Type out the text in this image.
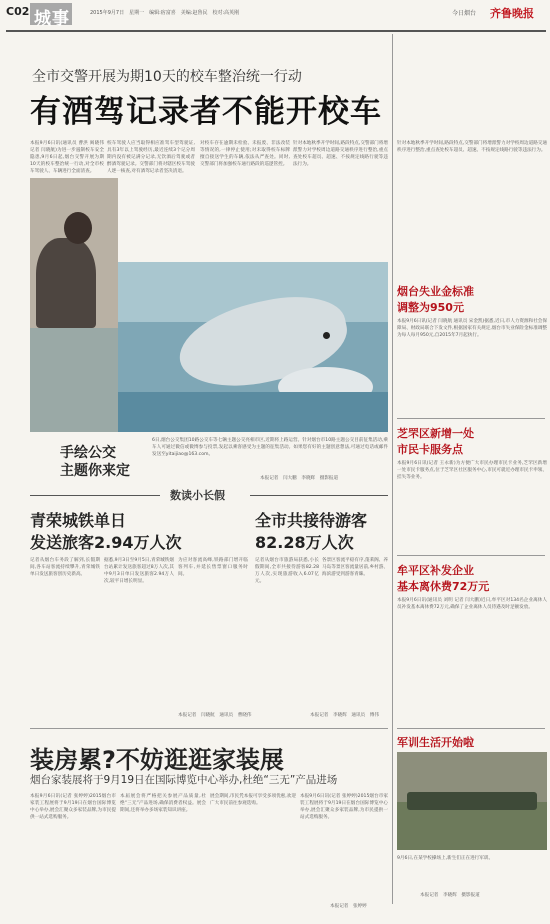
C02 城事	2015年9月7日　星期一　编辑:宿富喜　美编:赵鲁民　校对:高英刚	今日烟台 齐鲁晚报
全市交警开展为期10天的校车整治统一行动
有酒驾记录者不能开校车
本报9月6日讯(通讯员 曹洪 阎晓伟 记者 闫晓航)为进一步遏制校车安全隐患,9月6日起,烟台交警开展为期10天的校车整治统一行动,对全市校车驾驶人、车辆进行全面清查。
校车驾驶人应当取得相应准驾车型驾驶证,具有3年以上驾驶经历,最近连续3个记分周期内没有被记满分记录,无饮酒后驾驶或者醉酒驾驶记录。交警部门将对辖区校车驾驶人逐一核查,对有酒驾记录者坚决清退。
对校车存在逾期未检验、未报废、非法改装等情况的,一律停止使用;对未取得校车标牌擅自接送学生的车辆,依法从严查处。同时,交警部门将加强校车通行路段的巡逻管控。
针对本地秋季开学时间,路段特点,交警部门将增派警力对学校周边道路交通秩序进行整治,重点查处校车超员、超速、不按规定线路行驶等违法行为。
手绘公交
主题你来定
6日,烟台公交集团10路公交车等七辆主题公交亮相市区,近期将上路运营。针对烟台市10路主题公交目前征集活动,乘车人可通过微信或微博参与投票,发起以乘客感受为主题的征集活动。如果您有好的主题创意想法,可通过电话或邮件发送至yitaijiao@163.com。
本报记者　闫大鹏　李晓辉　摄影报道
针对本地秋季开学时间,路段特点,交警部门将增派警力对学校周边道路交通秩序进行整治,重点查处校车超员、超速、不按规定线路行驶等违法行为。
烟台失业金标准
调整为950元
本报9月6日讯(记者 闫晓航 通讯员 宋金凯)据悉,近日,市人力资源和社会保障局、财政局联合下发文件,根据国家有关规定,烟台市失业保险金标准调整为每人每月950元,自2015年7月起执行。
芝罘区新增一处
市民卡服务点
本报9月6日讯(记者 王永新)为方便广大市民办理市民卡业务,芝罘区新增一处市民卡服务点,位于芝罘区社区服务中心,市民可就近办理市民卡申领、挂失等业务。
牟平区补发企业
基本离休费72万元
本报9月6日讯(通讯员 刘明 记者 闫大鹏)近日,牟平区对134名企业离休人员补发基本离休费72万元,确保了企业离休人员待遇及时足额发放。
军训生活开始啦
9月6日,在某学校操场上,新生们正在进行军训。
本报记者　李晓辉　摄影报道
数读小长假
青荣城铁单日
发送旅客2.94万人次
记者从烟台车务段了解到,长假期间,各车站客流持续攀升,青荣城铁单日发送旅客创历史新高。
据悉,9月3日至9月5日,青荣城铁烟台站累计发送旅客超过8万人次,其中9月3日单日发送旅客2.94万人次,较平日增长明显。
为应对客流高峰,铁路部门增开临客列车,并延长售票窗口服务时间。
本报记者　闫晓航　通讯员　曹晓伟
全市共接待游客
82.28万人次
记者从烟台市旅游局获悉,小长假期间,全市共接待游客82.28万人次,实现旅游收入6.07亿元。
各景区客流平稳有序,蓬莱阁、养马岛等景区客流量居前,乡村游、海滨游受到游客青睐。
本报记者　李晓辉　通讯员　傅伟
装房累?不妨逛逛家装展
烟台家装展将于9月19日在国际博览中心举办,杜绝“三无”产品进场
本报9月6日讯(记者 张婷婷)2015烟台市家装工程展将于9月19日在烟台国际博览中心举办,展会汇聚众多家装品牌,为市民提供一站式选购服务。
本届展会将严格把关参展产品质量,杜绝“三无”产品进场,确保消费者权益。展会期间,还将举办多场家装知识讲座。
展会期间,市民凭本报可享受多项优惠,欢迎广大市民前往参观选购。
本报9月6日讯(记者 张婷婷)2015烟台市家装工程展将于9月19日在烟台国际博览中心举办,展会汇聚众多家装品牌,为市民提供一站式选购服务。
本报记者　张婷婷
